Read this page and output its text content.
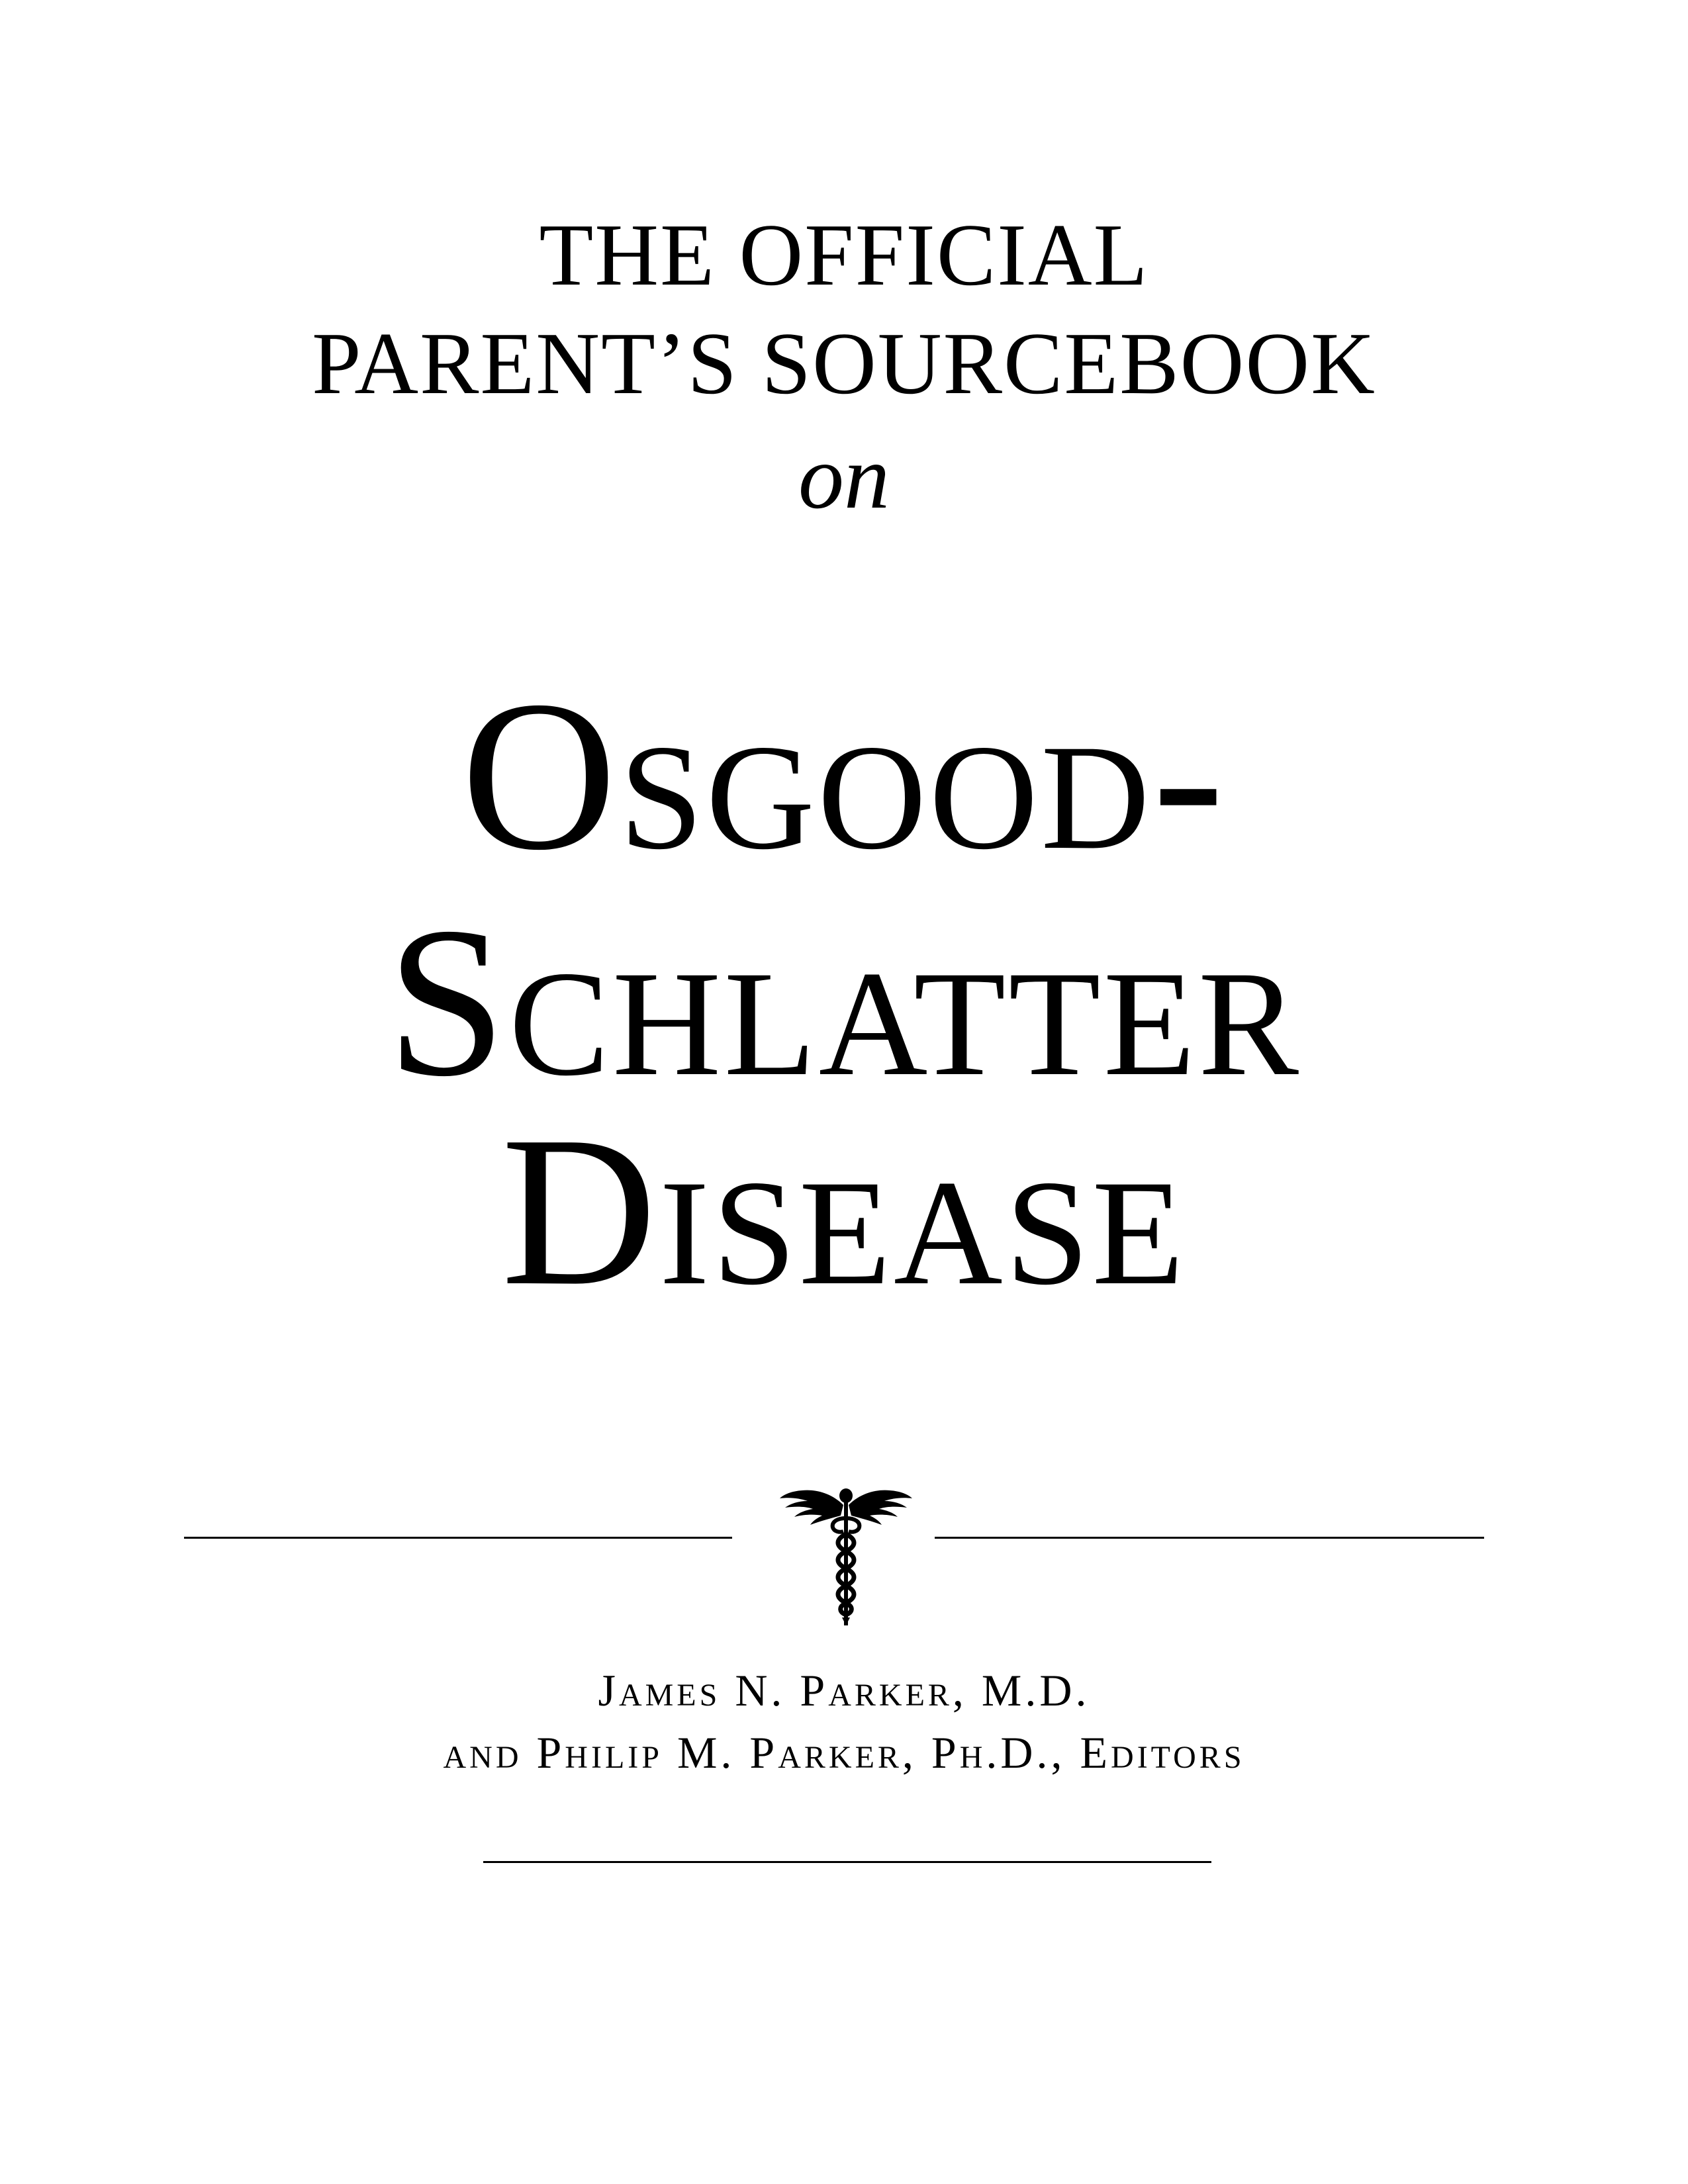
THE OFFICIAL
PARENT’S SOURCEBOOK
on
Osgood-
Schlatter
Disease
James N. Parker, M.D.
and Philip M. Parker, Ph.D., Editors
